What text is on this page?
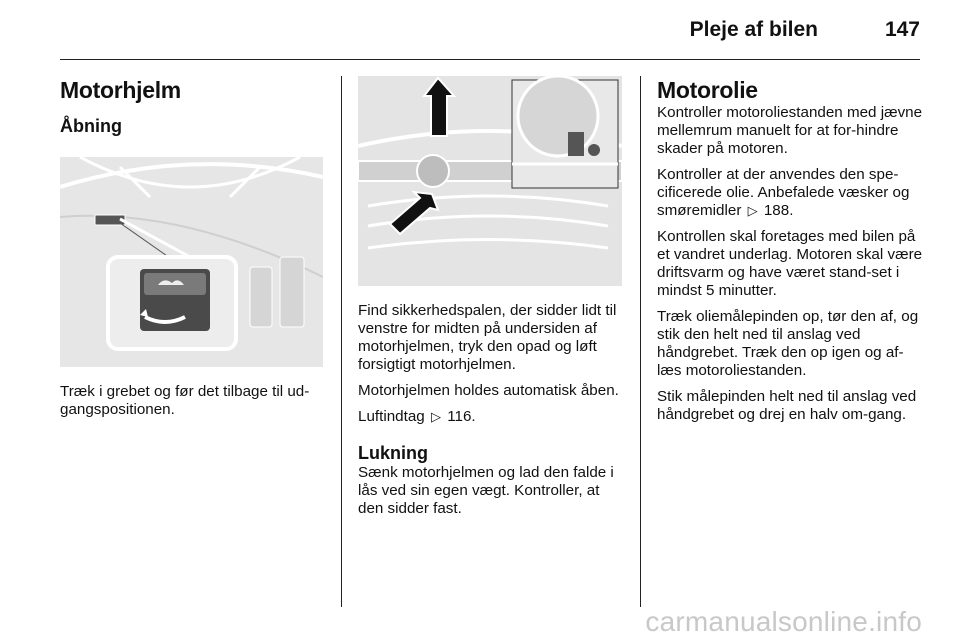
Pleje af bilen	147
Motorhjelm
Åbning

Træk i grebet og før det tilbage til ud-gangspositionen.

Find sikkerhedspalen, der sidder lidt til venstre for midten på undersiden af motorhjelmen, tryk den opad og løft forsigtigt motorhjelmen.

Motorhjelmen holdes automatisk åben.

Luftindtag ▷ 116.

Lukning

Sænk motorhjelmen og lad den falde i lås ved sin egen vægt. Kontroller, at den sidder fast.

Motorolie

Kontroller motoroliestanden med jævne mellemrum manuelt for at for-hindre skader på motoren.

Kontroller at der anvendes den spe-cificerede olie. Anbefalede væsker og smøremidler ▷ 188.

Kontrollen skal foretages med bilen på et vandret underlag. Motoren skal være driftsvarm og have været stand-set i mindst 5 minutter.

Træk oliemålepinden op, tør den af, og stik den helt ned til anslag ved håndgrebet. Træk den op igen og af-læs motoroliestanden.

Stik målepinden helt ned til anslag ved håndgrebet og drej en halv om-gang.

carmanualsonline.info
